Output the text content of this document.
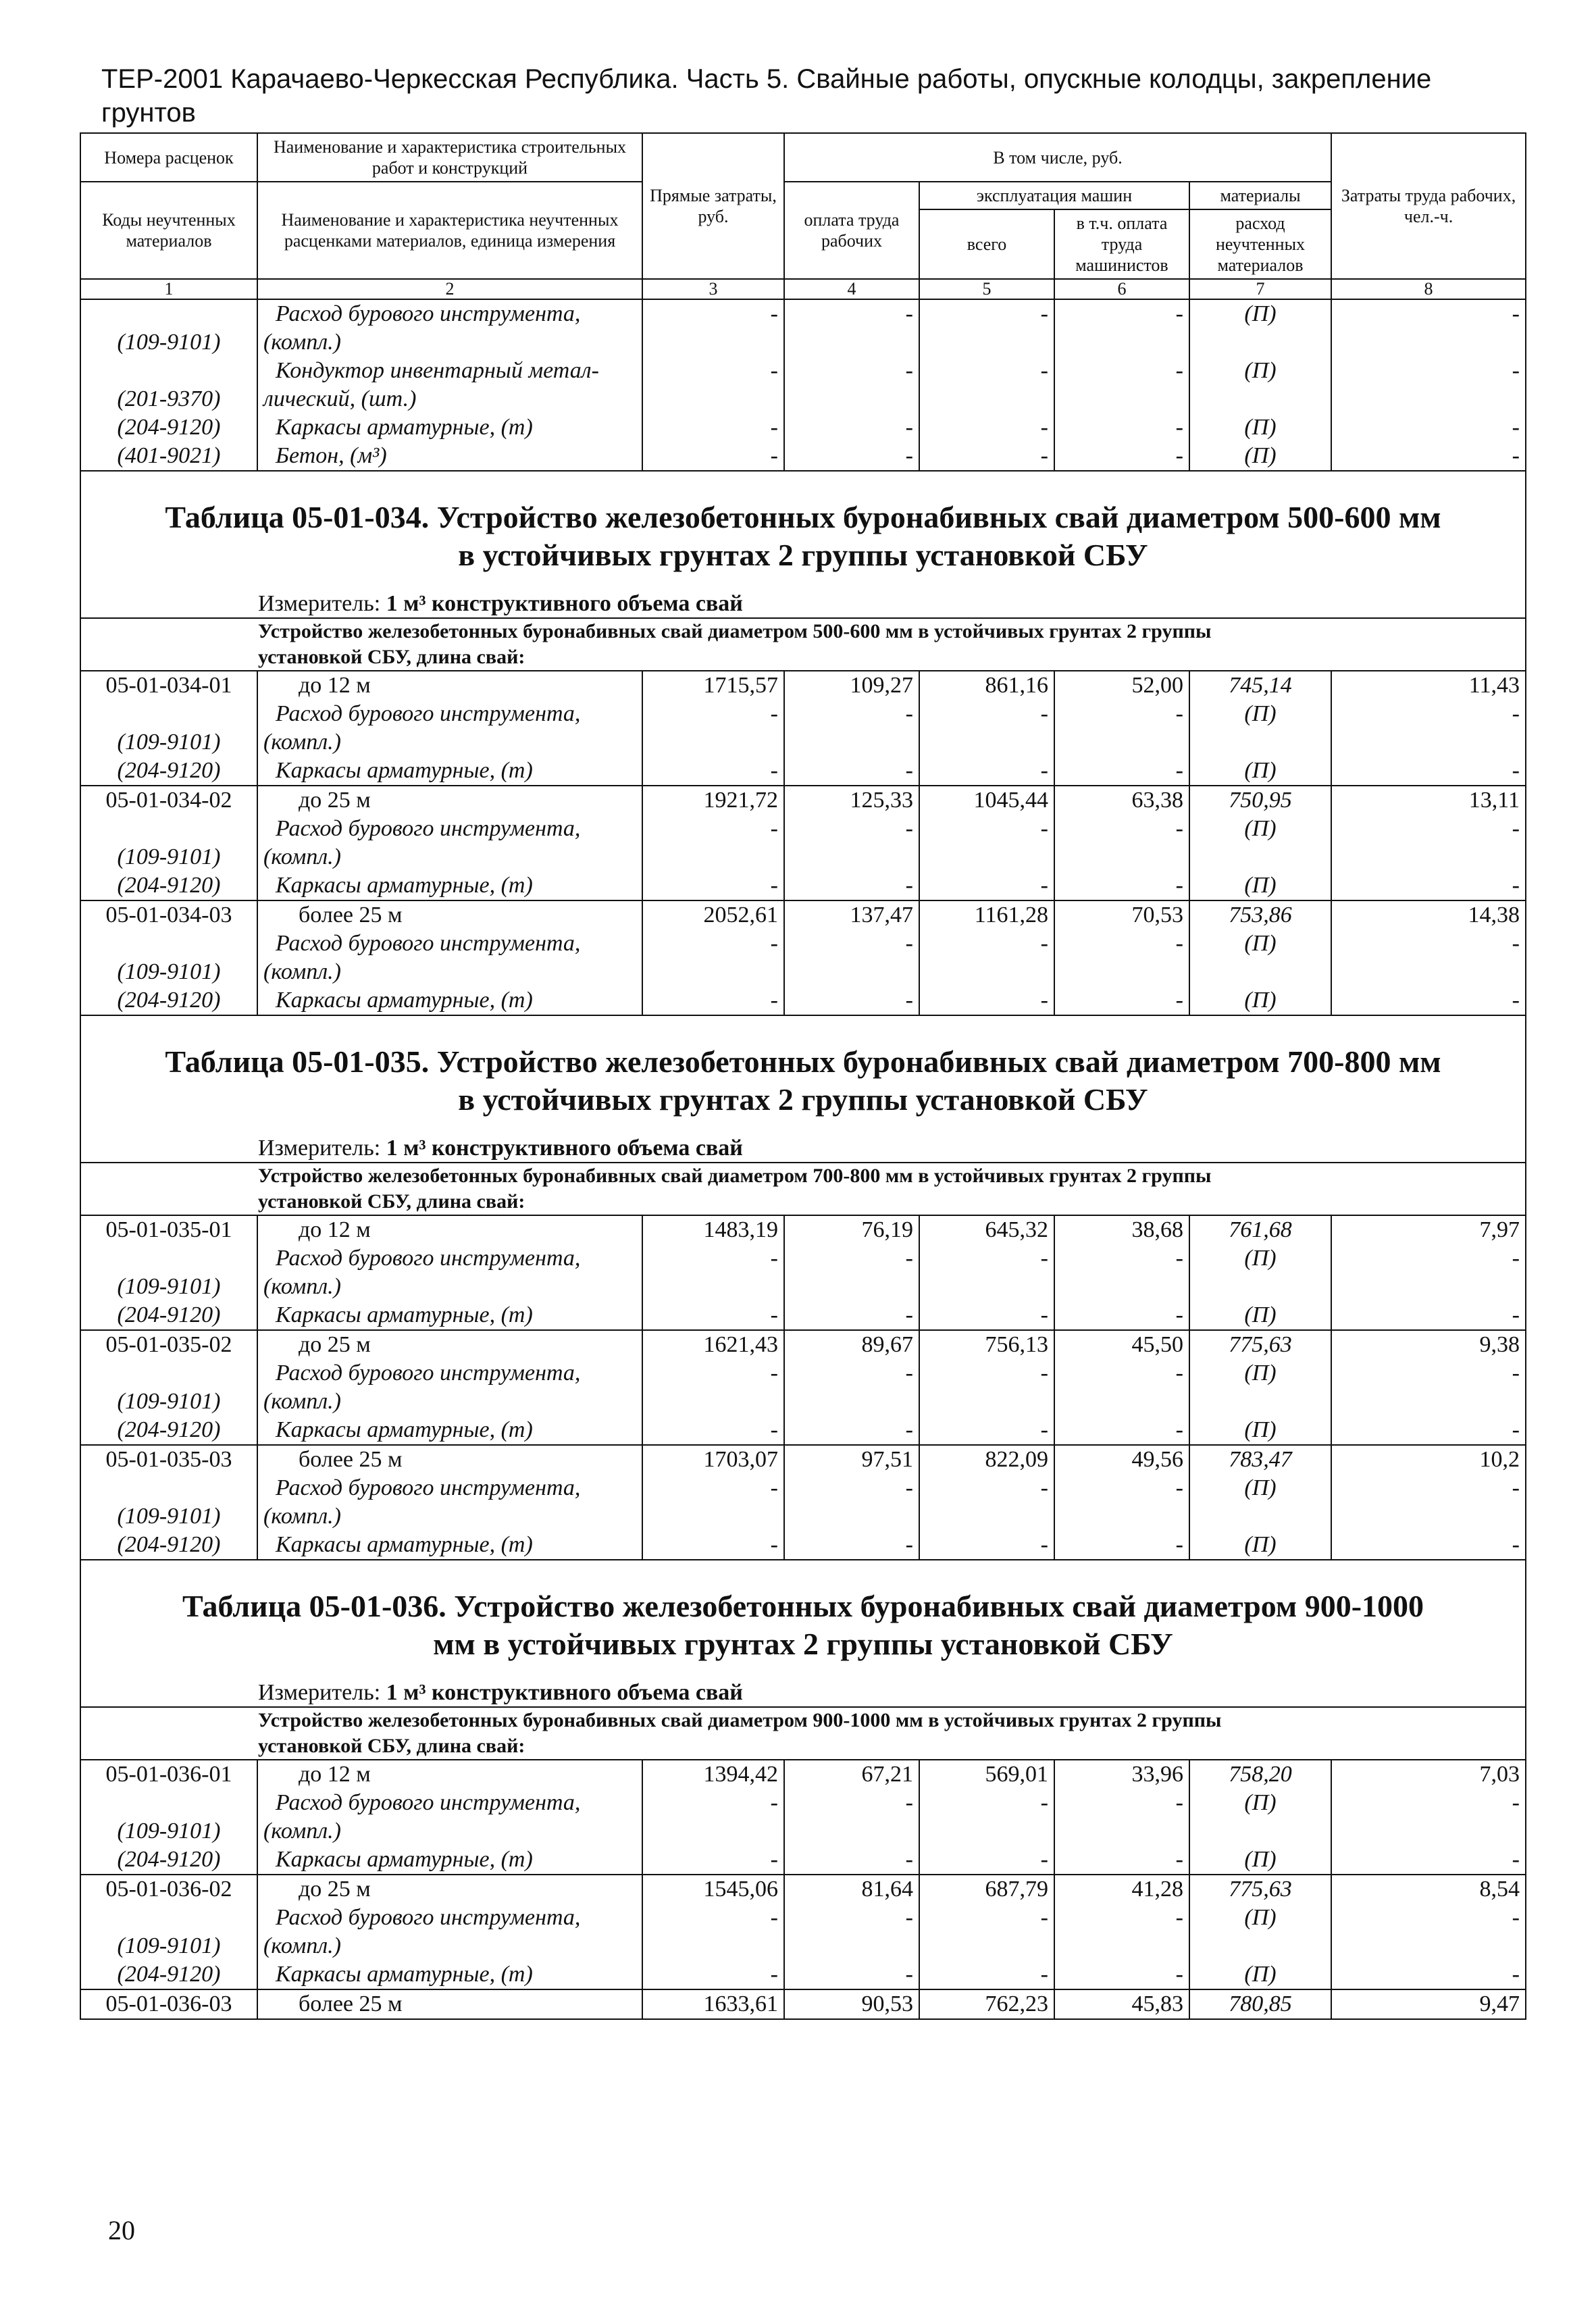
ТЕР-2001 Карачаево-Черкесская Республика. Часть 5. Свайные работы, опускные колодцы, закрепление грунтов
Номера расценок	Наименование и характеристика строительных работ и конструкций	Прямые затраты, руб.	В том числе, руб.				Затраты труда рабочих, чел.-ч.
Коды неучтенных материалов	Наименование и характеристика неучтенных расценками материалов, единица измерения		оплата труда рабочих	эксплуатация машин		материалы	
				всего	в т.ч. оплата труда машинистов	расход неучтенных материалов	
1	2	3	4	5	6	7	8
(109-9101)	Расход бурового инструмента,
(компл.)	-	-	-	-	(П)	-
(201-9370)	Кондуктор инвентарный метал-
лический, (шт.)	-	-	-	-	(П)	-
(204-9120)	Каркасы арматурные, (т)	-	-	-	-	(П)	-
(401-9021)	Бетон, (м³)	-	-	-	-	(П)	-

Таблица 05-01-034. Устройство железобетонных буронабивных свай диаметром 500-600 мм
в устойчивых грунтах 2 группы установкой СБУ							

Измеритель: 1 м³ конструктивного объема свай							

Устройство железобетонных буронабивных свай диаметром 500-600 мм в устойчивых грунтах 2 группы
установкой СБУ, длина свай:							

05-01-034-01	до 12 м	1715,57	109,27	861,16	52,00	745,14	11,43
(109-9101)	Расход бурового инструмента,
(компл.)	-	-	-	-	(П)	-
(204-9120)	Каркасы арматурные, (т)	-	-	-	-	(П)	-
05-01-034-02	до 25 м	1921,72	125,33	1045,44	63,38	750,95	13,11
(109-9101)	Расход бурового инструмента,
(компл.)	-	-	-	-	(П)	-
(204-9120)	Каркасы арматурные, (т)	-	-	-	-	(П)	-
05-01-034-03	более 25 м	2052,61	137,47	1161,28	70,53	753,86	14,38
(109-9101)	Расход бурового инструмента,
(компл.)	-	-	-	-	(П)	-
(204-9120)	Каркасы арматурные, (т)	-	-	-	-	(П)	-

Таблица 05-01-035. Устройство железобетонных буронабивных свай диаметром 700-800 мм
в устойчивых грунтах 2 группы установкой СБУ							

Измеритель: 1 м³ конструктивного объема свай							

Устройство железобетонных буронабивных свай диаметром 700-800 мм в устойчивых грунтах 2 группы
установкой СБУ, длина свай:							

05-01-035-01	до 12 м	1483,19	76,19	645,32	38,68	761,68	7,97
(109-9101)	Расход бурового инструмента,
(компл.)	-	-	-	-	(П)	-
(204-9120)	Каркасы арматурные, (т)	-	-	-	-	(П)	-
05-01-035-02	до 25 м	1621,43	89,67	756,13	45,50	775,63	9,38
(109-9101)	Расход бурового инструмента,
(компл.)	-	-	-	-	(П)	-
(204-9120)	Каркасы арматурные, (т)	-	-	-	-	(П)	-
05-01-035-03	более 25 м	1703,07	97,51	822,09	49,56	783,47	10,2
(109-9101)	Расход бурового инструмента,
(компл.)	-	-	-	-	(П)	-
(204-9120)	Каркасы арматурные, (т)	-	-	-	-	(П)	-

Таблица 05-01-036. Устройство железобетонных буронабивных свай диаметром 900-1000
мм в устойчивых грунтах 2 группы установкой СБУ							

Измеритель: 1 м³ конструктивного объема свай							

Устройство железобетонных буронабивных свай диаметром 900-1000 мм в устойчивых грунтах 2 группы
установкой СБУ, длина свай:							

05-01-036-01	до 12 м	1394,42	67,21	569,01	33,96	758,20	7,03
(109-9101)	Расход бурового инструмента,
(компл.)	-	-	-	-	(П)	-
(204-9120)	Каркасы арматурные, (т)	-	-	-	-	(П)	-
05-01-036-02	до 25 м	1545,06	81,64	687,79	41,28	775,63	8,54
(109-9101)	Расход бурового инструмента,
(компл.)	-	-	-	-	(П)	-
(204-9120)	Каркасы арматурные, (т)	-	-	-	-	(П)	-
05-01-036-03	более 25 м	1633,61	90,53	762,23	45,83	780,85	9,47
20
